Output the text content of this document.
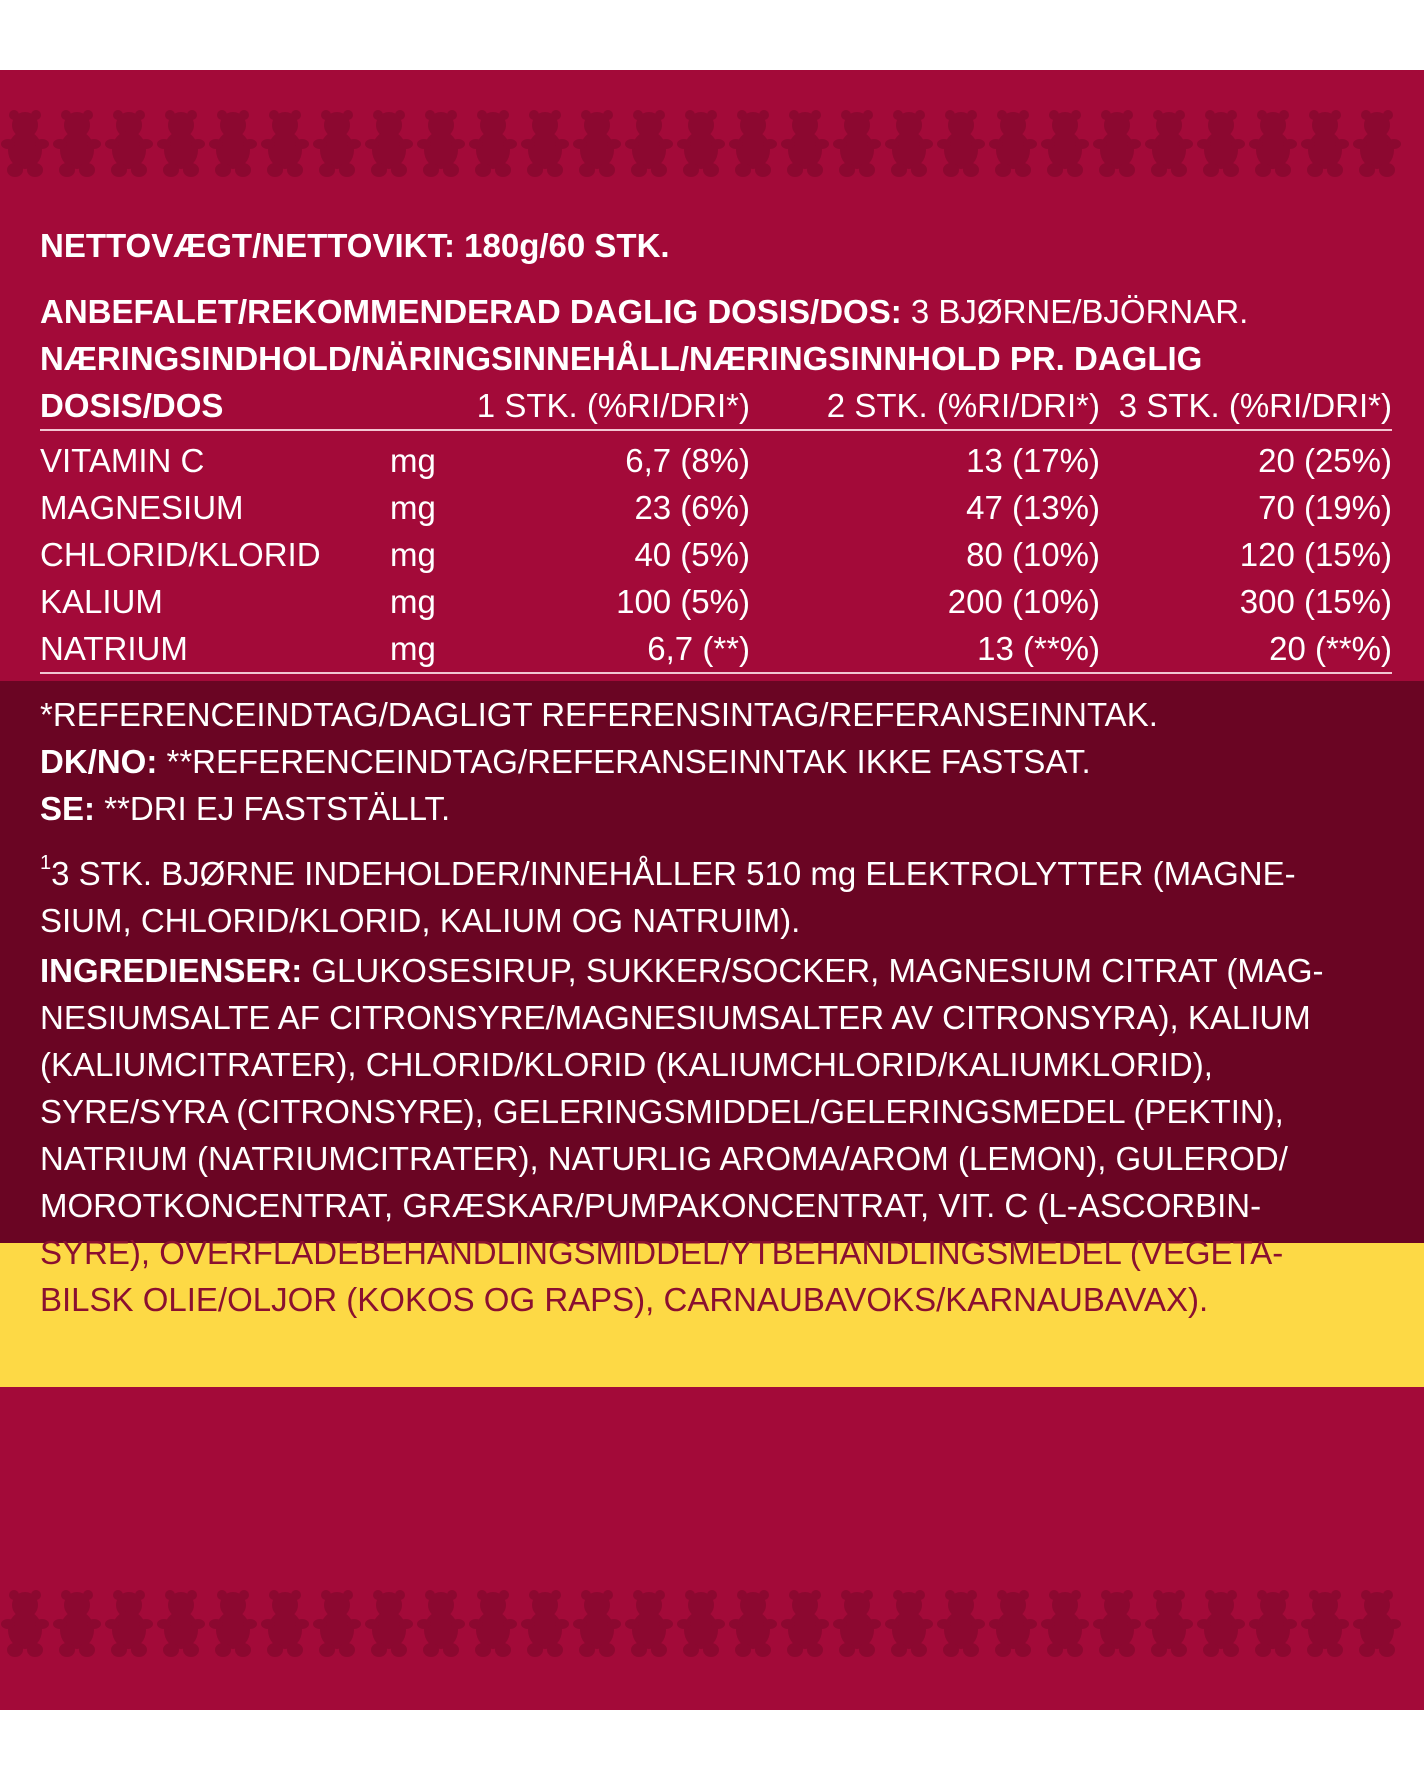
NETTOVÆGT/NETTOVIKT: 180g/60 STK.
ANBEFALET/REKOMMENDERAD DAGLIG DOSIS/DOS: 3 BJØRNE/BJÖRNAR.
NÆRINGSINDHOLD/NÄRINGSINNEHÅLL/NÆRINGSINNHOLD PR. DAGLIG
DOSIS/DOS		1 STK. (%RI/DRI*)	2 STK. (%RI/DRI*)	3 STK. (%RI/DRI*)
VITAMIN C	mg	6,7 (8%)	13 (17%)	20 (25%)
MAGNESIUM	mg	23 (6%)	47 (13%)	70 (19%)
CHLORID/KLORID	mg	40 (5%)	80 (10%)	120 (15%)
KALIUM	mg	100 (5%)	200 (10%)	300 (15%)
NATRIUM	mg	6,7 (**)	13 (**%)	20 (**%)
*REFERENCEINDTAG/DAGLIGT REFERENSINTAG/REFERANSEINNTAK.
DK/NO: **REFERENCEINDTAG/REFERANSEINNTAK IKKE FASTSAT.
SE: **DRI EJ FASTSTÄLLT.
$^1$3 STK. BJØRNE INDEHOLDER/INNEHÅLLER 510 mg ELEKTROLYTTER (MAGNE-
SIUM, CHLORID/KLORID, KALIUM OG NATRUIM).
INGREDIENSER: GLUKOSESIRUP, SUKKER/SOCKER, MAGNESIUM CITRAT (MAG-
NESIUMSALTE AF CITRONSYRE/MAGNESIUMSALTER AV CITRONSYRA), KALIUM
(KALIUMCITRATER), CHLORID/KLORID (KALIUMCHLORID/KALIUMKLORID),
SYRE/SYRA (CITRONSYRE), GELERINGSMIDDEL/GELERINGSMEDEL (PEKTIN),
NATRIUM (NATRIUMCITRATER), NATURLIG AROMA/AROM (LEMON), GULEROD/
MOROTKONCENTRAT, GRÆSKAR/PUMPAKONCENTRAT, VIT. C (L-ASCORBIN-
SYRE), OVERFLADEBEHANDLINGSMIDDEL/YTBEHANDLINGSMEDEL (VEGETA-
BILSK OLIE/OLJOR (KOKOS OG RAPS), CARNAUBAVOKS/KARNAUBAVAX).
